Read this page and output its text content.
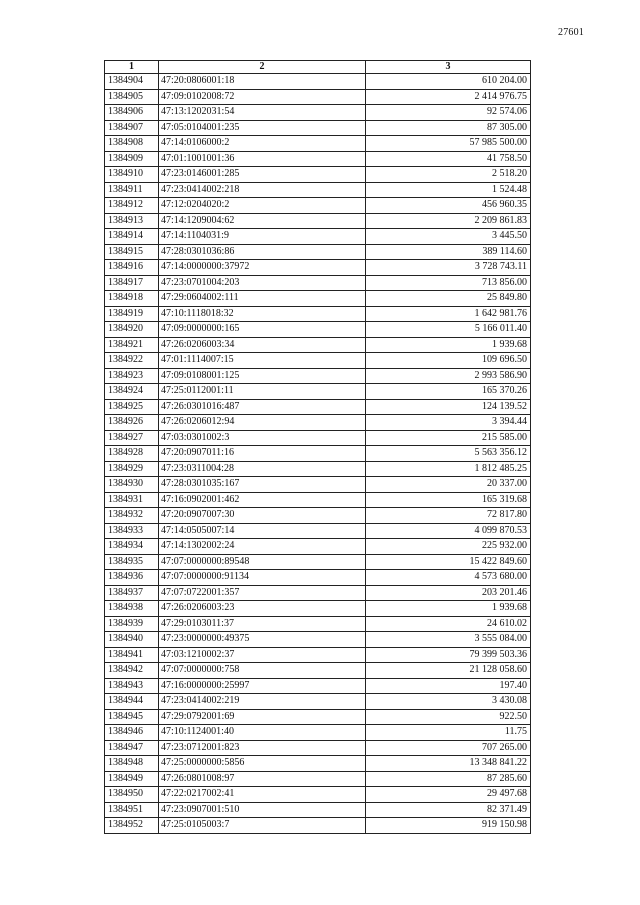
27601
1	2	3
1384904	47:20:0806001:18	610 204.00
1384905	47:09:0102008:72	2 414 976.75
1384906	47:13:1202031:54	92 574.06
1384907	47:05:0104001:235	87 305.00
1384908	47:14:0106000:2	57 985 500.00
1384909	47:01:1001001:36	41 758.50
1384910	47:23:0146001:285	2 518.20
1384911	47:23:0414002:218	1 524.48
1384912	47:12:0204020:2	456 960.35
1384913	47:14:1209004:62	2 209 861.83
1384914	47:14:1104031:9	3 445.50
1384915	47:28:0301036:86	389 114.60
1384916	47:14:0000000:37972	3 728 743.11
1384917	47:23:0701004:203	713 856.00
1384918	47:29:0604002:111	25 849.80
1384919	47:10:1118018:32	1 642 981.76
1384920	47:09:0000000:165	5 166 011.40
1384921	47:26:0206003:34	1 939.68
1384922	47:01:1114007:15	109 696.50
1384923	47:09:0108001:125	2 993 586.90
1384924	47:25:0112001:11	165 370.26
1384925	47:26:0301016:487	124 139.52
1384926	47:26:0206012:94	3 394.44
1384927	47:03:0301002:3	215 585.00
1384928	47:20:0907011:16	5 563 356.12
1384929	47:23:0311004:28	1 812 485.25
1384930	47:28:0301035:167	20 337.00
1384931	47:16:0902001:462	165 319.68
1384932	47:20:0907007:30	72 817.80
1384933	47:14:0505007:14	4 099 870.53
1384934	47:14:1302002:24	225 932.00
1384935	47:07:0000000:89548	15 422 849.60
1384936	47:07:0000000:91134	4 573 680.00
1384937	47:07:0722001:357	203 201.46
1384938	47:26:0206003:23	1 939.68
1384939	47:29:0103011:37	24 610.02
1384940	47:23:0000000:49375	3 555 084.00
1384941	47:03:1210002:37	79 399 503.36
1384942	47:07:0000000:758	21 128 058.60
1384943	47:16:0000000:25997	197.40
1384944	47:23:0414002:219	3 430.08
1384945	47:29:0792001:69	922.50
1384946	47:10:1124001:40	11.75
1384947	47:23:0712001:823	707 265.00
1384948	47:25:0000000:5856	13 348 841.22
1384949	47:26:0801008:97	87 285.60
1384950	47:22:0217002:41	29 497.68
1384951	47:23:0907001:510	82 371.49
1384952	47:25:0105003:7	919 150.98
